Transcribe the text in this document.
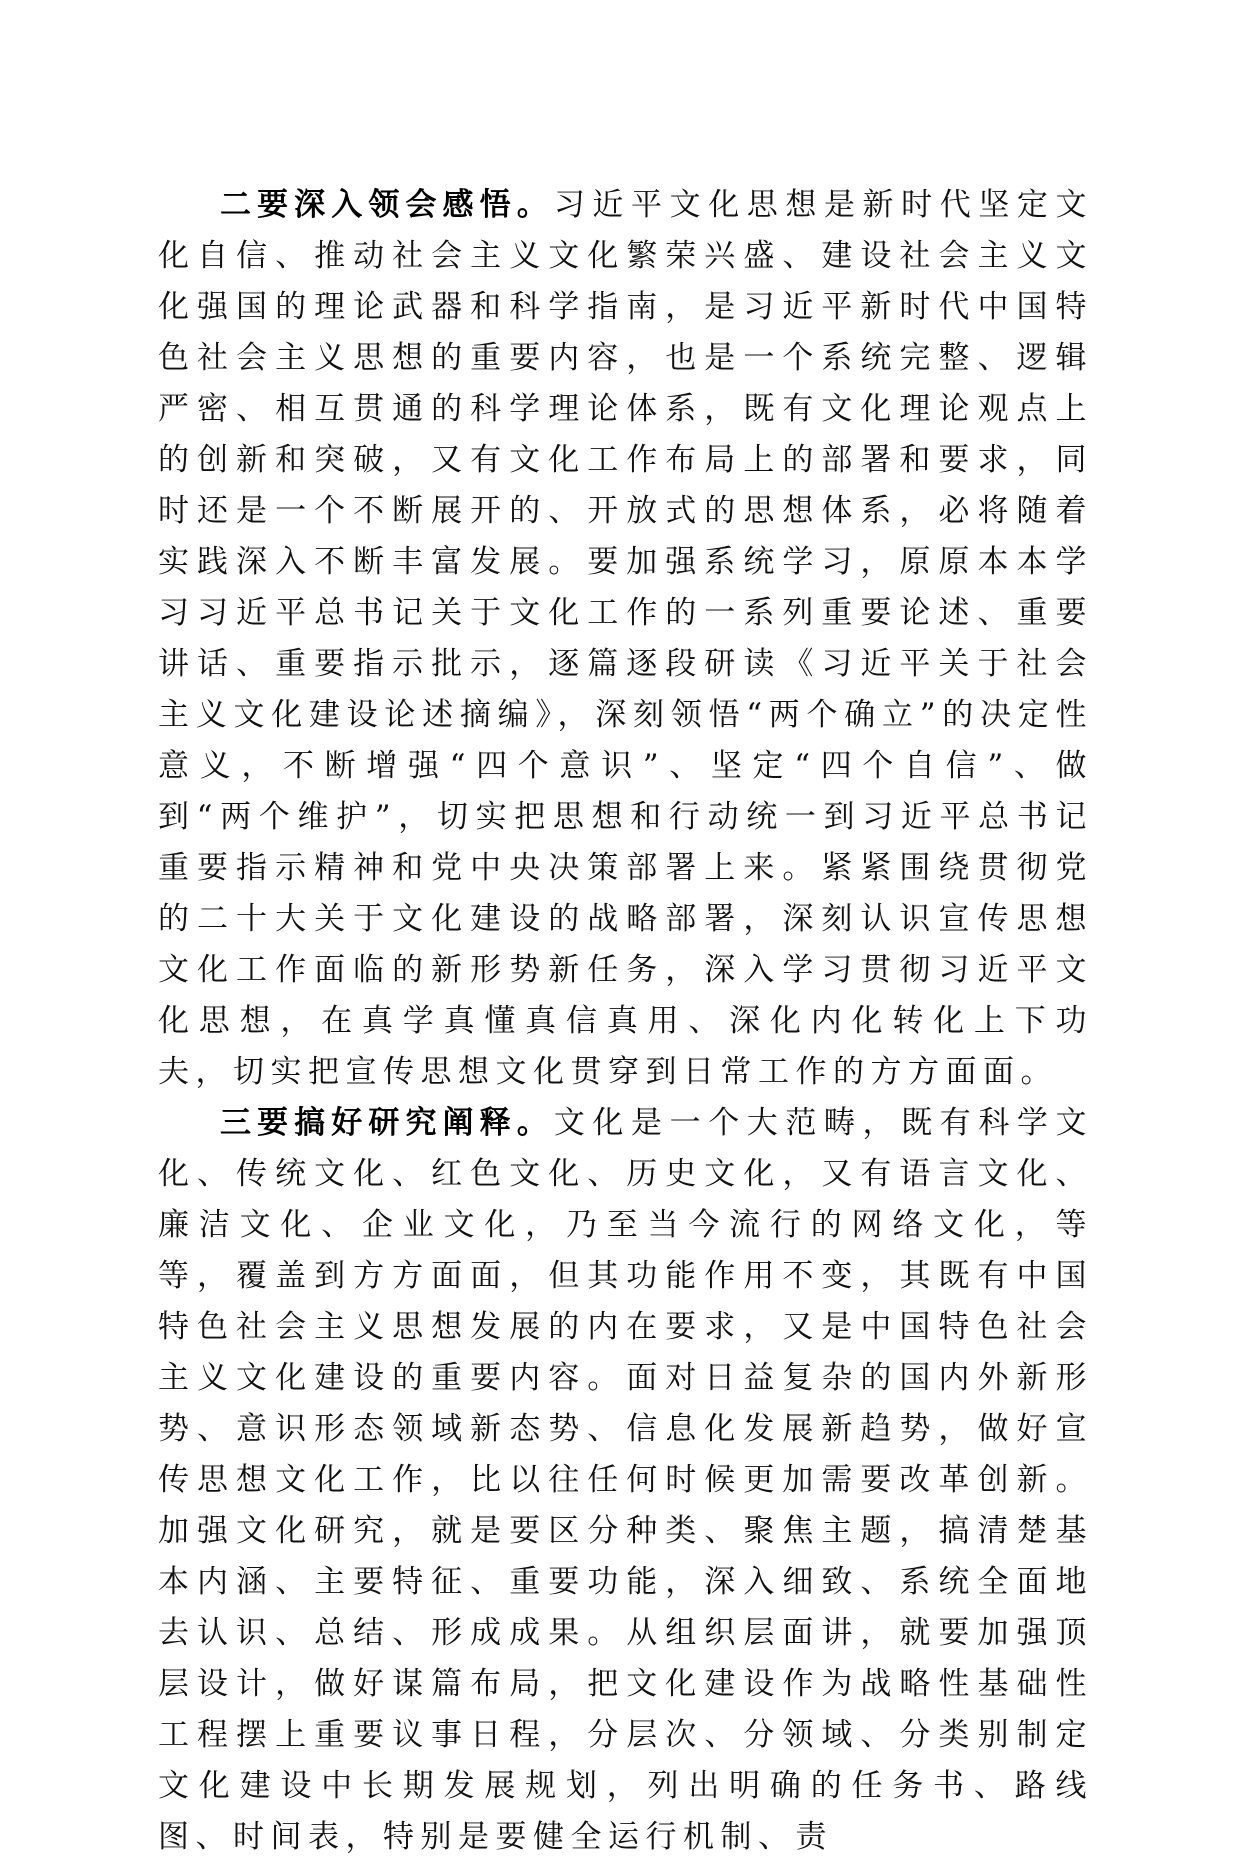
二要深入领会感悟。习近平文化思想是新时代坚定文化自信、推动社会主义文化繁荣兴盛、建设社会主义文化强国的理论武器和科学指南，是习近平新时代中国特色社会主义思想的重要内容，也是一个系统完整、逻辑严密、相互贯通的科学理论体系，既有文化理论观点上的创新和突破，又有文化工作布局上的部署和要求，同时还是一个不断展开的、开放式的思想体系，必将随着实践深入不断丰富发展。要加强系统学习，原原本本学习习近平总书记关于文化工作的一系列重要论述、重要讲话、重要指示批示，逐篇逐段研读《习近平关于社会主义文化建设论述摘编》，深刻领悟“两个确立”的决定性意义，不断增强“四个意识”、坚定“四个自信”、做到“两个维护”，切实把思想和行动统一到习近平总书记重要指示精神和党中央决策部署上来。紧紧围绕贯彻党的二十大关于文化建设的战略部署，深刻认识宣传思想文化工作面临的新形势新任务，深入学习贯彻习近平文化思想，在真学真懂真信真用、深化内化转化上下功夫，切实把宣传思想文化贯穿到日常工作的方方面面。

三要搞好研究阐释。文化是一个大范畴，既有科学文化、传统文化、红色文化、历史文化，又有语言文化、廉洁文化、企业文化，乃至当今流行的网络文化，等等，覆盖到方方面面，但其功能作用不变，其既有中国特色社会主义思想发展的内在要求，又是中国特色社会主义文化建设的重要内容。面对日益复杂的国内外新形势、意识形态领域新态势、信息化发展新趋势，做好宣传思想文化工作，比以往任何时候更加需要改革创新。加强文化研究，就是要区分种类、聚焦主题，搞清楚基本内涵、主要特征、重要功能，深入细致、系统全面地去认识、总结、形成成果。从组织层面讲，就要加强顶层设计，做好谋篇布局，把文化建设作为战略性基础性工程摆上重要议事日程，分层次、分领域、分类别制定文化建设中长期发展规划，列出明确的任务书、路线图、时间表，特别是要健全运行机制、责
